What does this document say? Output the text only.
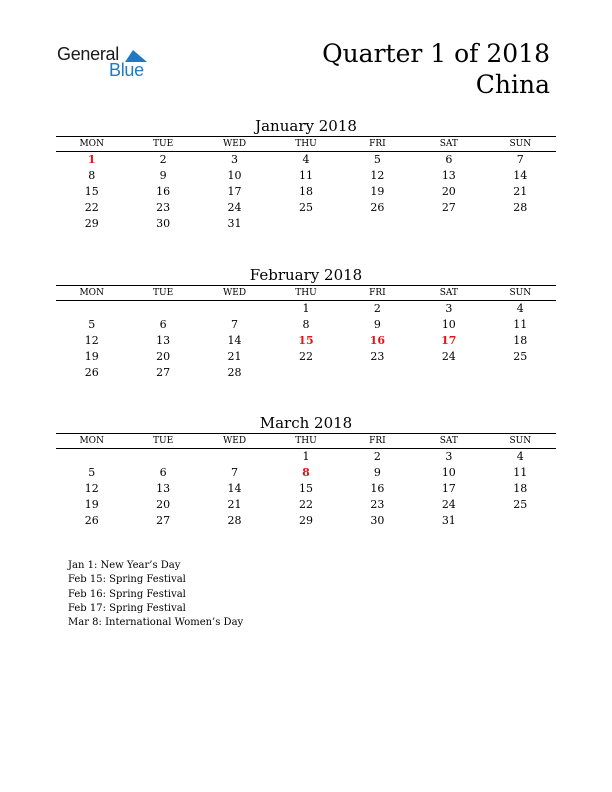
General
Blue
Quarter 1 of 2018
China
January 2018
MON	TUE	WED	THU	FRI	SAT	SUN
1	2	3	4	5	6	7
8	9	10	11	12	13	14
15	16	17	18	19	20	21
22	23	24	25	26	27	28
29	30	31				
February 2018
MON	TUE	WED	THU	FRI	SAT	SUN
			1	2	3	4
5	6	7	8	9	10	11
12	13	14	15	16	17	18
19	20	21	22	23	24	25
26	27	28				
March 2018
MON	TUE	WED	THU	FRI	SAT	SUN
			1	2	3	4
5	6	7	8	9	10	11
12	13	14	15	16	17	18
19	20	21	22	23	24	25
26	27	28	29	30	31	
Jan 1: New Year’s Day
Feb 15: Spring Festival
Feb 16: Spring Festival
Feb 17: Spring Festival
Mar 8: International Women’s Day
